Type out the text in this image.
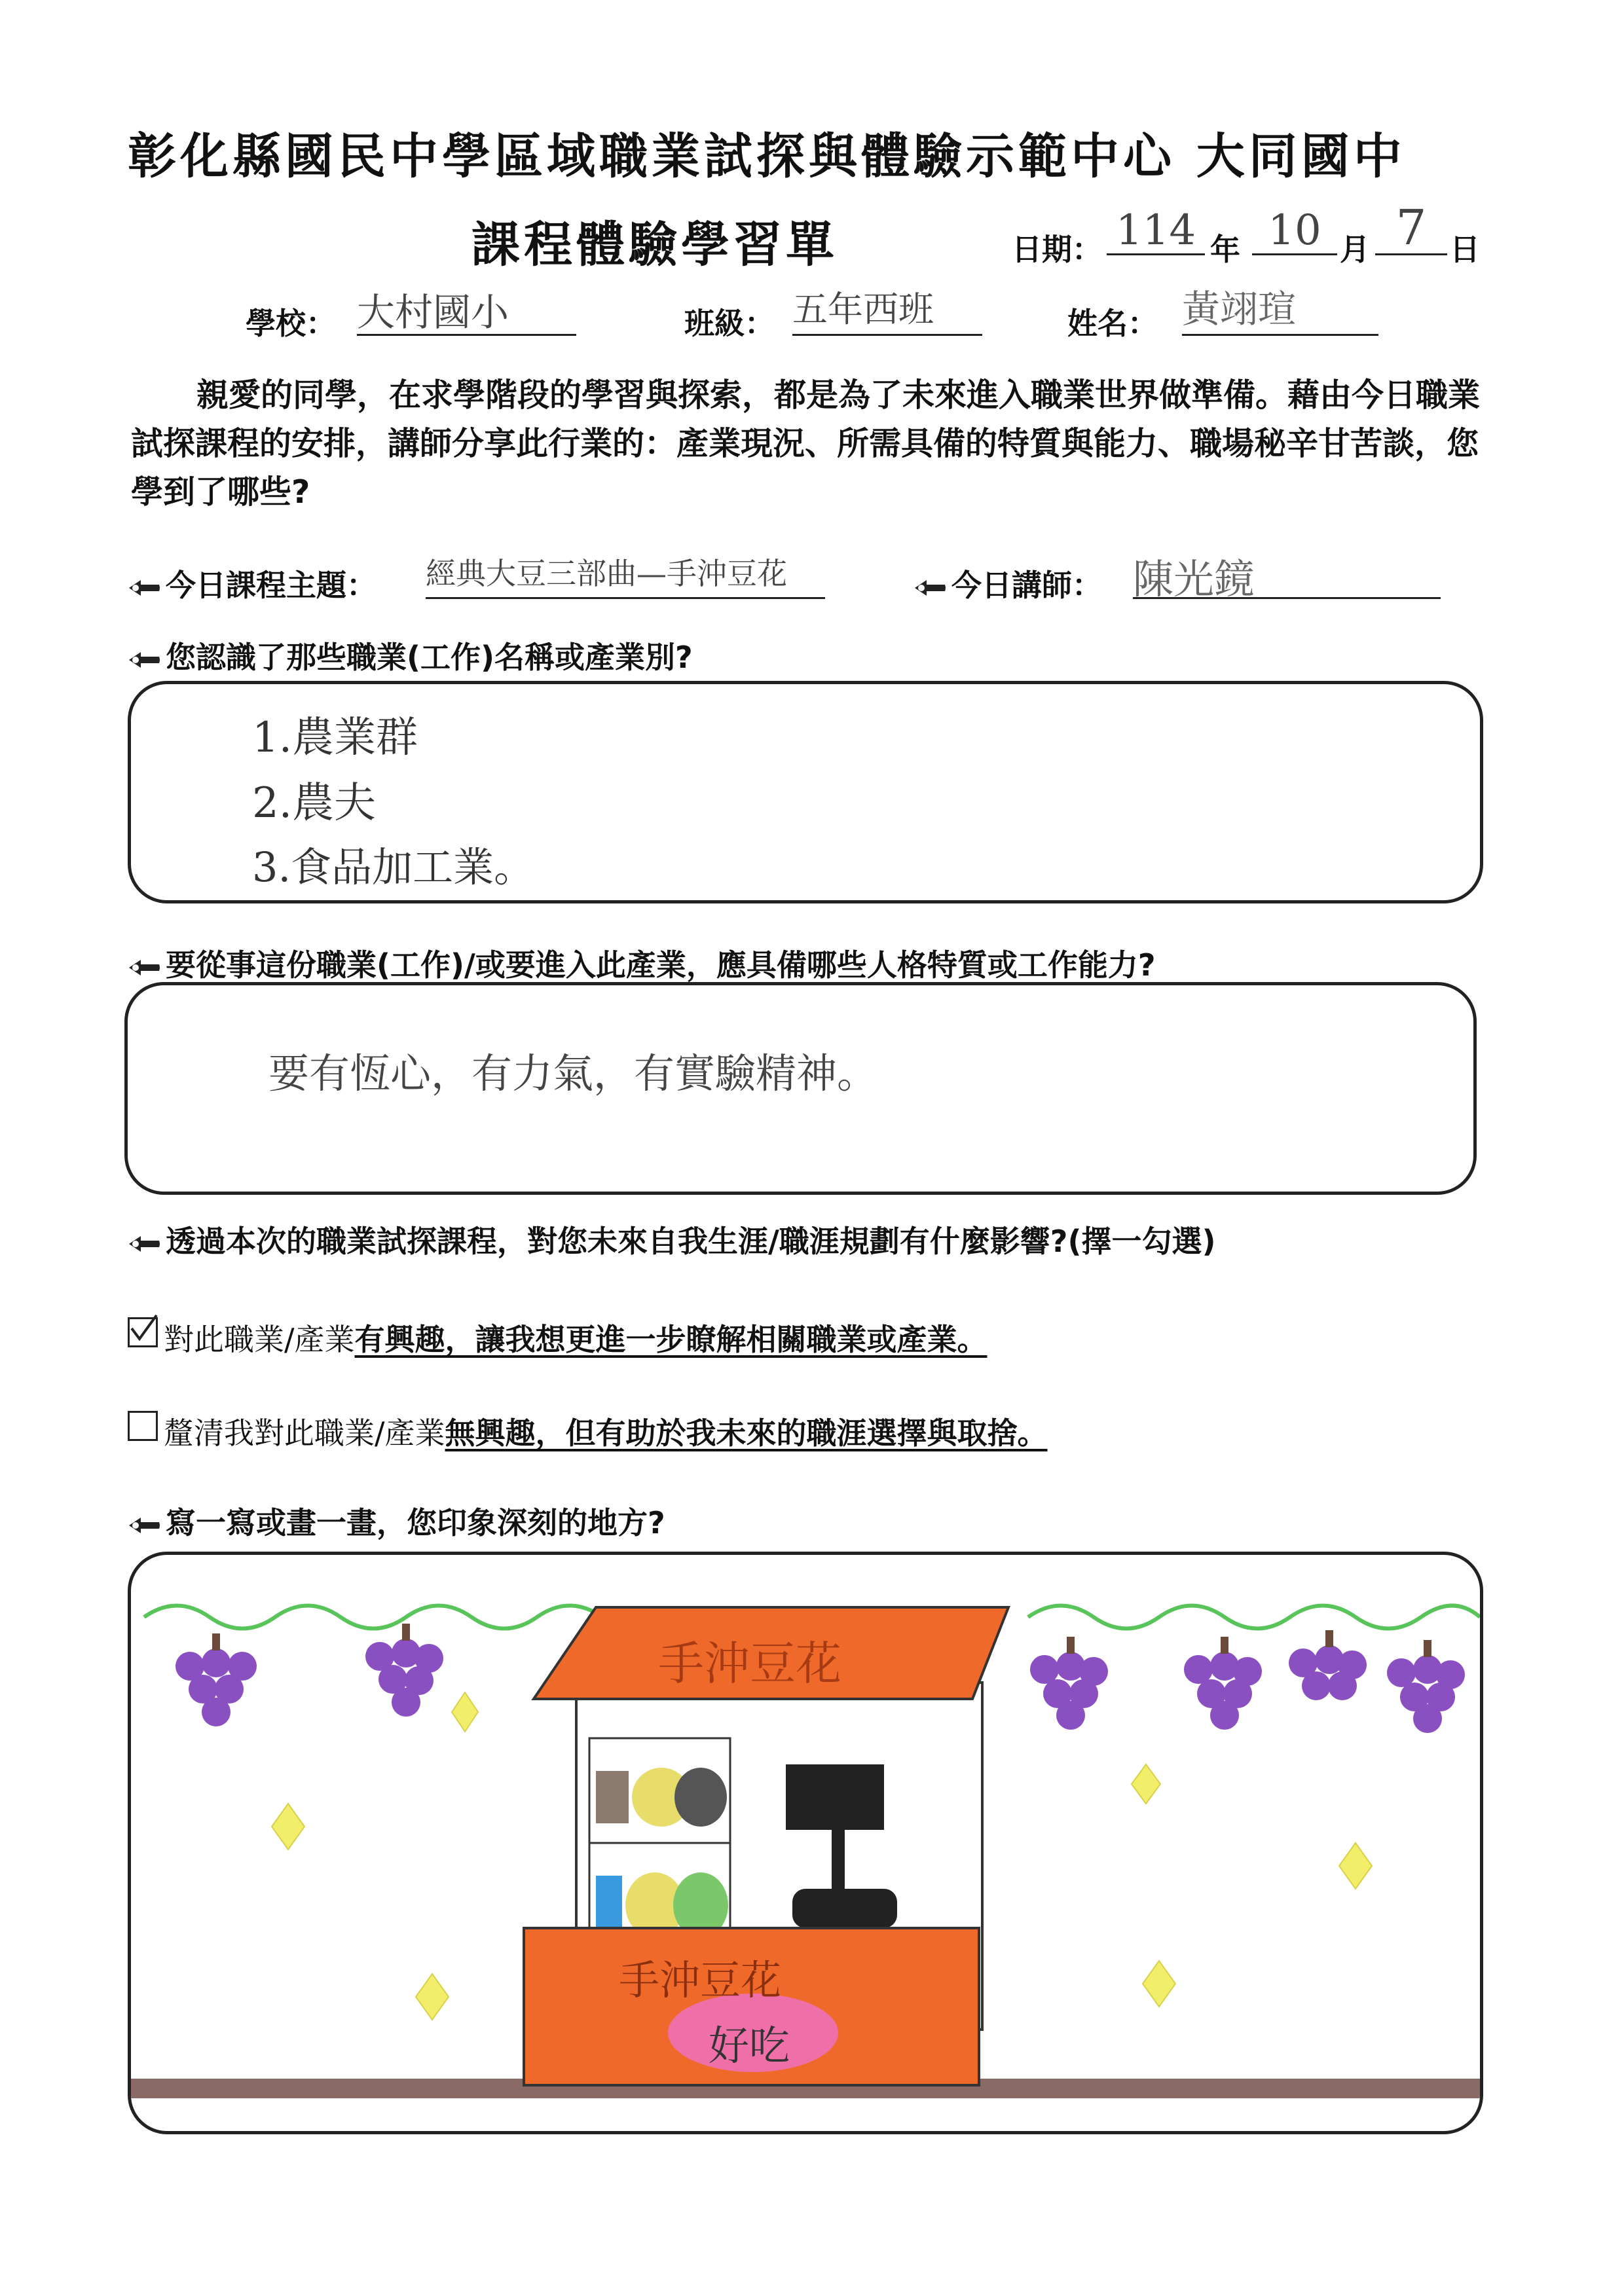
彰化縣國民中學區域職業試探與體驗示範中心 大同國中
課程體驗學習單	日期： 114 年 10 月 7 日
學校： 大村國小	班級： 五年西班	姓名： 黃翊瑄
親愛的同學，在求學階段的學習與探索，都是為了未來進入職業世界做準備。藉由今日職業試探課程的安排，講師分享此行業的：產業現況、所需具備的特質與能力、職場秘辛甘苦談，您學到了哪些?
今日課程主題： 經典大豆三部曲—手沖豆花	今日講師： 陳光鏡
您認識了那些職業(工作)名稱或產業別?
1.農業群
2.農夫
3.食品加工業。
要從事這份職業(工作)/或要進入此產業，應具備哪些人格特質或工作能力?
要有恆心，有力氣，有實驗精神。
透過本次的職業試探課程，對您未來自我生涯/職涯規劃有什麼影響?(擇一勾選)
對此職業/產業有興趣，讓我想更進一步瞭解相關職業或產業。
釐清我對此職業/產業無興趣，但有助於我未來的職涯選擇與取捨。
寫一寫或畫一畫，您印象深刻的地方?
手沖豆花
手沖豆花
好吃
